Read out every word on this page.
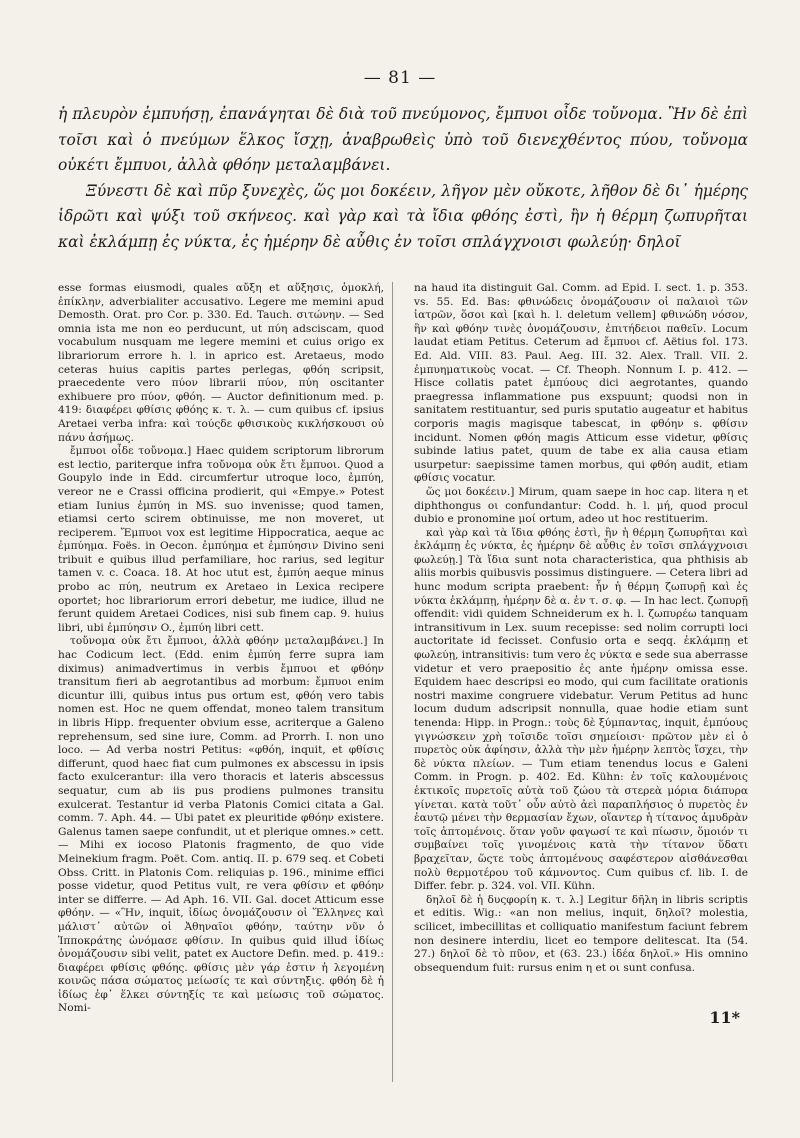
— 81 —

ἡ πλευρὸν ἐμπυήσῃ, ἐπανάγηται δὲ διὰ τοῦ πνεύμονος, ἔμπυοι οἶδε τοὔνομα. Ἢν δὲ ἐπὶ τοῖσι καὶ ὁ πνεύμων ἕλκος ἴσχῃ, ἀναβρωθεὶς ὑπὸ τοῦ διενεχθέντος πύου, τοὔνομα οὐκέτι ἔμπυοι, ἀλλὰ φθόην μεταλαμβάνει.

Ξύνεστι δὲ καὶ πῦρ ξυνεχὲς, ὥς μοι δοκέειν, λῆγον μὲν οὔκοτε, λῆθον δὲ δι᾽ ἡμέρης ἱδρῶτι καὶ ψύξι τοῦ σκήνεος. καὶ γὰρ καὶ τὰ ἴδια φθόης ἐστὶ, ἢν ἡ θέρμη ζωπυρῆται καὶ ἐκλάμπῃ ἐς νύκτα, ἐς ἡμέρην δὲ αὖθις ἐν τοῖσι σπλάγχνοισι φωλεύῃ· δηλοῖ

esse formas eiusmodi, quales αὔξη et αὔξησις, ὁμοκλή, ἐπίκλην, adverbialiter accusativo. Legere me memini apud Demosth. Orat. pro Cor. p. 330. Ed. Tauch. σιτώνην. — Sed omnia ista me non eo perducunt, ut πύη adsciscam, quod vocabulum nusquam me legere memini et cuius origo ex librariorum errore h. l. in aprico est. Aretaeus, modo ceteras huius capitis partes perlegas, φθόη scripsit, praecedente vero πύον librarii πύον, πύη oscitanter exhibuere pro πύον, φθόη. — Auctor definitionum med. p. 419: διαφέρει φθίσις φθόης κ. τ. λ. — cum quibus cf. ipsius Aretaei verba infra: καὶ τούςδε φθισικοὺς κικλήσκουσι οὐ πάνυ ἀσήμως.

ἔμπυοι οἶδε τοὔνομα.] Haec quidem scriptorum librorum est lectio, pariterque infra τοὔνομα οὐκ ἔτι ἔμπυοι. Quod a Goupylo inde in Edd. circumfertur utroque loco, ἐμπύη, vereor ne e Crassi officina prodierit, qui «Empye.» Potest etiam Iunius ἐμπύη in MS. suo invenisse; quod tamen, etiamsi certo scirem obtinuisse, me non moveret, ut reciperem. Ἔμπυοι vox est legitime Hippocratica, aeque ac ἐμπύημα. Foës. in Oecon. ἐμπύημα et ἐμπύησιν Divino seni tribuit e quibus illud perfamiliare, hoc rarius, sed legitur tamen v. c. Coaca. 18. At hoc utut est, ἐμπύη aeque minus probo ac πύη, neutrum ex Aretaeo in Lexica recipere oportet; hoc librariorum errori debetur, me iudice, illud ne ferunt quidem Aretaei Codices, nisi sub finem cap. 9. huius libri, ubi ἐμπύησιν O., ἐμπύη libri cett.

τοὔνομα οὐκ ἔτι ἔμπυοι, ἀλλὰ φθόην μεταλαμβάνει.] In hac Codicum lect. (Edd. enim ἐμπύη ferre supra iam diximus) animadvertimus in verbis ἔμπυοι et φθόην transitum fieri ab aegrotantibus ad morbum: ἔμπυοι enim dicuntur illi, quibus intus pus ortum est, φθόη vero tabis nomen est. Hoc ne quem offendat, moneo talem transitum in libris Hipp. frequenter obvium esse, acriterque a Galeno reprehensum, sed sine iure, Comm. ad Prorrh. I. non uno loco. — Ad verba nostri Petitus: «φθόη, inquit, et φθίσις differunt, quod haec fiat cum pulmones ex abscessu in ipsis facto exulcerantur: illa vero thoracis et lateris abscessus sequatur, cum ab iis pus prodiens pulmones transitu exulcerat. Testantur id verba Platonis Comici citata a Gal. comm. 7. Aph. 44. — Ubi patet ex pleuritide φθόην existere. Galenus tamen saepe confundit, ut et plerique omnes.» cett. — Mihi ex iocoso Platonis fragmento, de quo vide Meinekium fragm. Poët. Com. antiq. II. p. 679 seq. et Cobeti Obss. Critt. in Platonis Com. reliquias p. 196., minime effici posse videtur, quod Petitus vult, re vera φθίσιν et φθόην inter se differre. — Ad Aph. 16. VII. Gal. docet Atticum esse φθόην. — «Ἢν, inquit, ἰδίως ὀνομάζουσιν οἱ Ἕλληνες καὶ μάλιστ᾽ αὐτῶν οἱ Ἀθηναῖοι φθόην, ταύτην νῦν ὁ Ἱπποκράτης ὠνόμασε φθίσιν. In quibus quid illud ἰδίως ὀνομάζουσιν sibi velit, patet ex Auctore Defin. med. p. 419.: διαφέρει φθίσις φθόης. φθίσις μὲν γάρ ἐστιν ἡ λεγομένη κοινῶς πάσα σώματος μείωσίς τε καὶ σύντηξις. φθόη δὲ ἡ ἰδίως ἐφ᾽ ἕλκει σύντηξίς τε καὶ μείωσις τοῦ σώματος. Nomi-

na haud ita distinguit Gal. Comm. ad Epid. I. sect. 1. p. 353. vs. 55. Ed. Bas: φθινώδεις ὀνομάζουσιν οἱ παλαιοὶ τῶν ἰατρῶν, ὅσοι καὶ [καὶ h. l. deletum vellem] φθινώδη νόσον, ἣν καὶ φθόην τινὲς ὀνομάζουσιν, ἐπιτήδειοι παθεῖν. Locum laudat etiam Petitus. Ceterum ad ἔμπυοι cf. Aëtius fol. 173. Ed. Ald. VIII. 83. Paul. Aeg. III. 32. Alex. Trall. VII. 2. ἐμπυηματικοὺς vocat. — Cf. Theoph. Nonnum I. p. 412. — Hisce collatis patet ἐμπύους dici aegrotantes, quando praegressa inflammatione pus exspuunt; quodsi non in sanitatem restituantur, sed puris sputatio augeatur et habitus corporis magis magisque tabescat, in φθόην s. φθίσιν incidunt. Nomen φθόη magis Atticum esse videtur, φθίσις subinde latius patet, quum de tabe ex alia causa etiam usurpetur: saepissime tamen morbus, qui φθόη audit, etiam φθίσις vocatur.

ὥς μοι δοκέειν.] Mirum, quam saepe in hoc cap. litera η et diphthongus οι confundantur: Codd. h. l. μή, quod procul dubio e pronomine μοί ortum, adeo ut hoc restituerim.

καὶ γὰρ καὶ τὰ ἴδια φθόης ἐστὶ, ἢν ἡ θέρμη ζωπυρῆται καὶ ἐκλάμπῃ ἐς νύκτα, ἐς ἡμέρην δὲ αὖθις ἐν τοῖσι σπλάγχνοισι φωλεύῃ.] Τὰ ἴδια sunt nota characteristica, qua phthisis ab aliis morbis quibusvis possimus distinguere. — Cetera libri ad hunc modum scripta praebent: ἦν ἡ θέρμη ζωπυρῇ καὶ ἐς νύκτα ἐκλάμπῃ, ἡμέρην δὲ α. ἐν τ. σ. φ. — In hac lect. ζωπυρῇ offendit: vidi quidem Schneiderum ex h. l. ζωπυρέω tanquam intransitivum in Lex. suum recepisse: sed nolim corrupti loci auctoritate id fecisset. Confusio orta e seqq. ἐκλάμπῃ et φωλεύῃ, intransitivis: tum vero ἐς νύκτα e sede sua aberrasse videtur et vero praepositio ἐς ante ἡμέρην omissa esse. Equidem haec descripsi eo modo, qui cum facilitate orationis nostri maxime congruere videbatur. Verum Petitus ad hunc locum dudum adscripsit nonnulla, quae hodie etiam sunt tenenda: Hipp. in Progn.: τοὺς δὲ ξύμπαντας, inquit, ἐμπύους γιγνώσκειν χρὴ τοῖσιδε τοῖσι σημείοισι· πρῶτον μὲν εἰ ὁ πυρετὸς οὐκ ἀφίησιν, ἀλλὰ τὴν μὲν ἡμέρην λεπτὸς ἴσχει, τὴν δὲ νύκτα πλείων. — Tum etiam tenendus locus e Galeni Comm. in Progn. p. 402. Ed. Kühn: ἐν τοῖς καλουμένοις ἑκτικοῖς πυρετοῖς αὐτὰ τοῦ ζώου τὰ στερεὰ μόρια διάπυρα γίνεται. κατὰ τοῦτ᾽ οὖν αὐτὸ ἀεὶ παραπλήσιος ὁ πυρετὸς ἐν ἑαυτῷ μένει τὴν θερμασίαν ἔχων, οἵαντερ ἡ τίτανος ἀμυδρὰν τοῖς ἁπτομένοις. ὅταν γοῦν φαγωσί τε καὶ πίωσιν, ὅμοιόν τι συμβαίνει τοῖς γινομένοις κατὰ τὴν τίτανον ὕδατι βραχεῖταν, ὥςτε τοὺς ἁπτομένους σαφέστερον αἰσθάνεσθαι πολὺ θερμοτέρου τοῦ κάμνοντος. Cum quibus cf. lib. I. de Differ. febr. p. 324. vol. VII. Kühn.

δηλοῖ δὲ ἡ δυςφορίη κ. τ. λ.] Legitur δῆλη in libris scriptis et editis. Wig.: «an non melius, inquit, δηλοῖ? molestia, scilicet, imbecillitas et colliquatio manifestum faciunt febrem non desinere interdiu, licet eo tempore delitescat. Ita (54. 27.) δηλοῖ δὲ τὸ πῦον, et (63. 23.) ἰδέα δηλοῖ.» His omnino obsequendum fuit: rursus enim η et οι sunt confusa.

11*
